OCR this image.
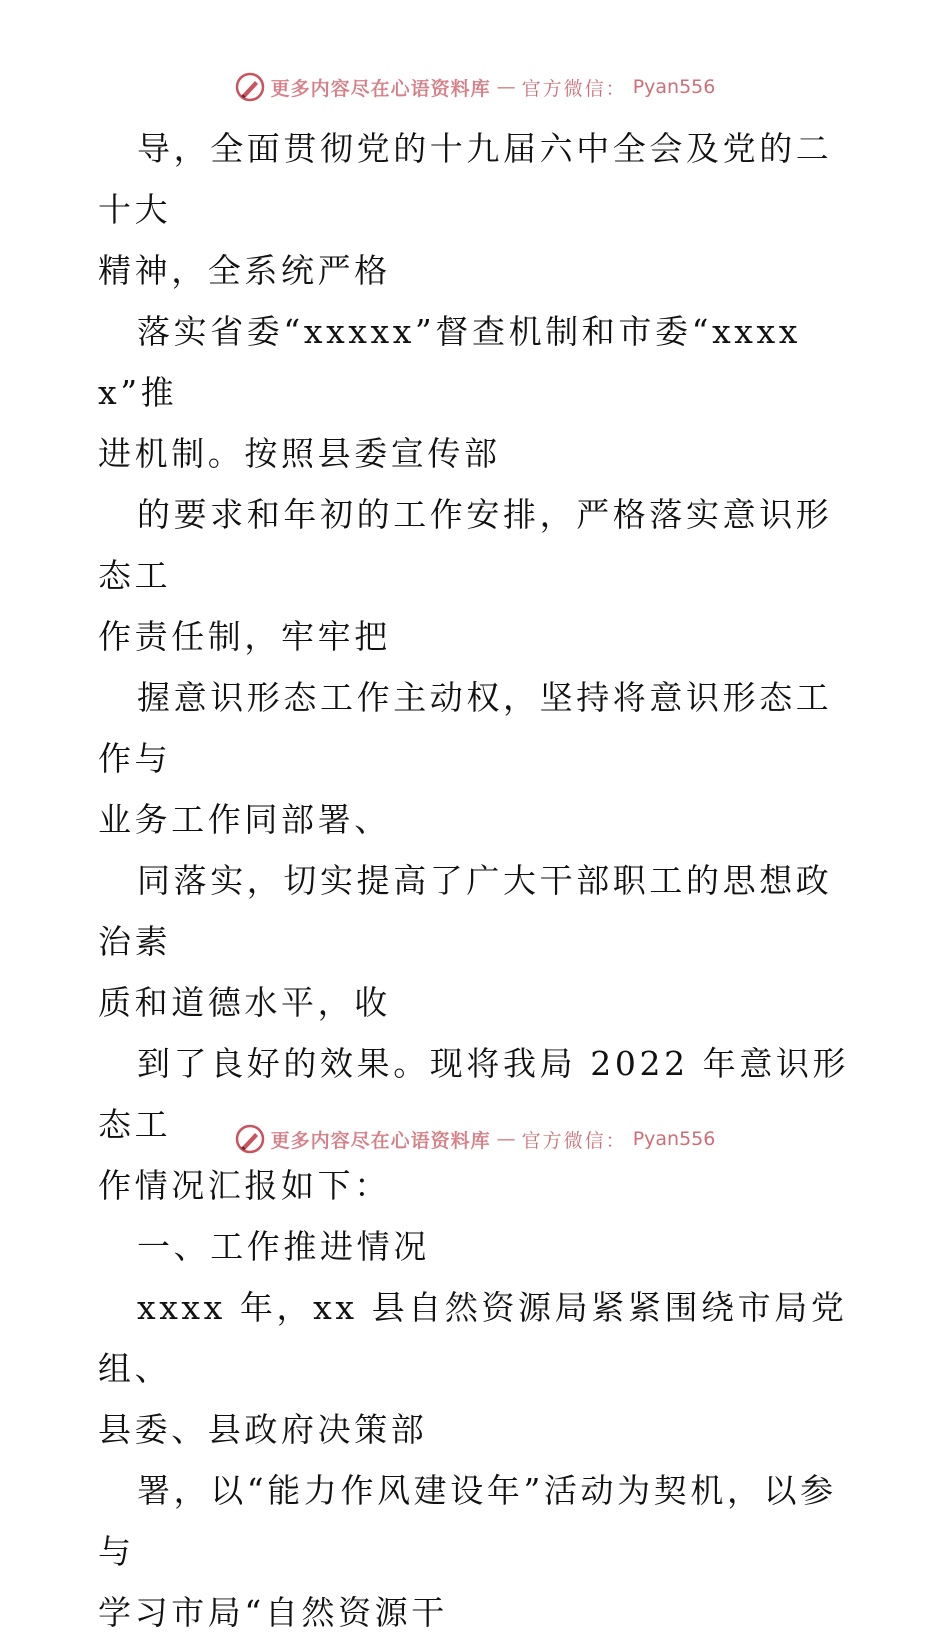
更多内容尽在心语资料库 — 官方微信： Pyan556

导，全面贯彻党的十九届六中全会及党的二十大
精神，全系统严格

落实省委“xxxxx”督查机制和市委“xxxxx”推
进机制。按照县委宣传部

的要求和年初的工作安排，严格落实意识形态工
作责任制，牢牢把

握意识形态工作主动权，坚持将意识形态工作与
业务工作同部署、

同落实，切实提高了广大干部职工的思想政治素
质和道德水平，收

到了良好的效果。现将我局 2022 年意识形态工
作情况汇报如下：

一、工作推进情况

xxxx 年，xx 县自然资源局紧紧围绕市局党组、
县委、县政府决策部

署，以“能力作风建设年”活动为契机，以参与
学习市局“自然资源干

更多内容尽在心语资料库 — 官方微信： Pyan556
